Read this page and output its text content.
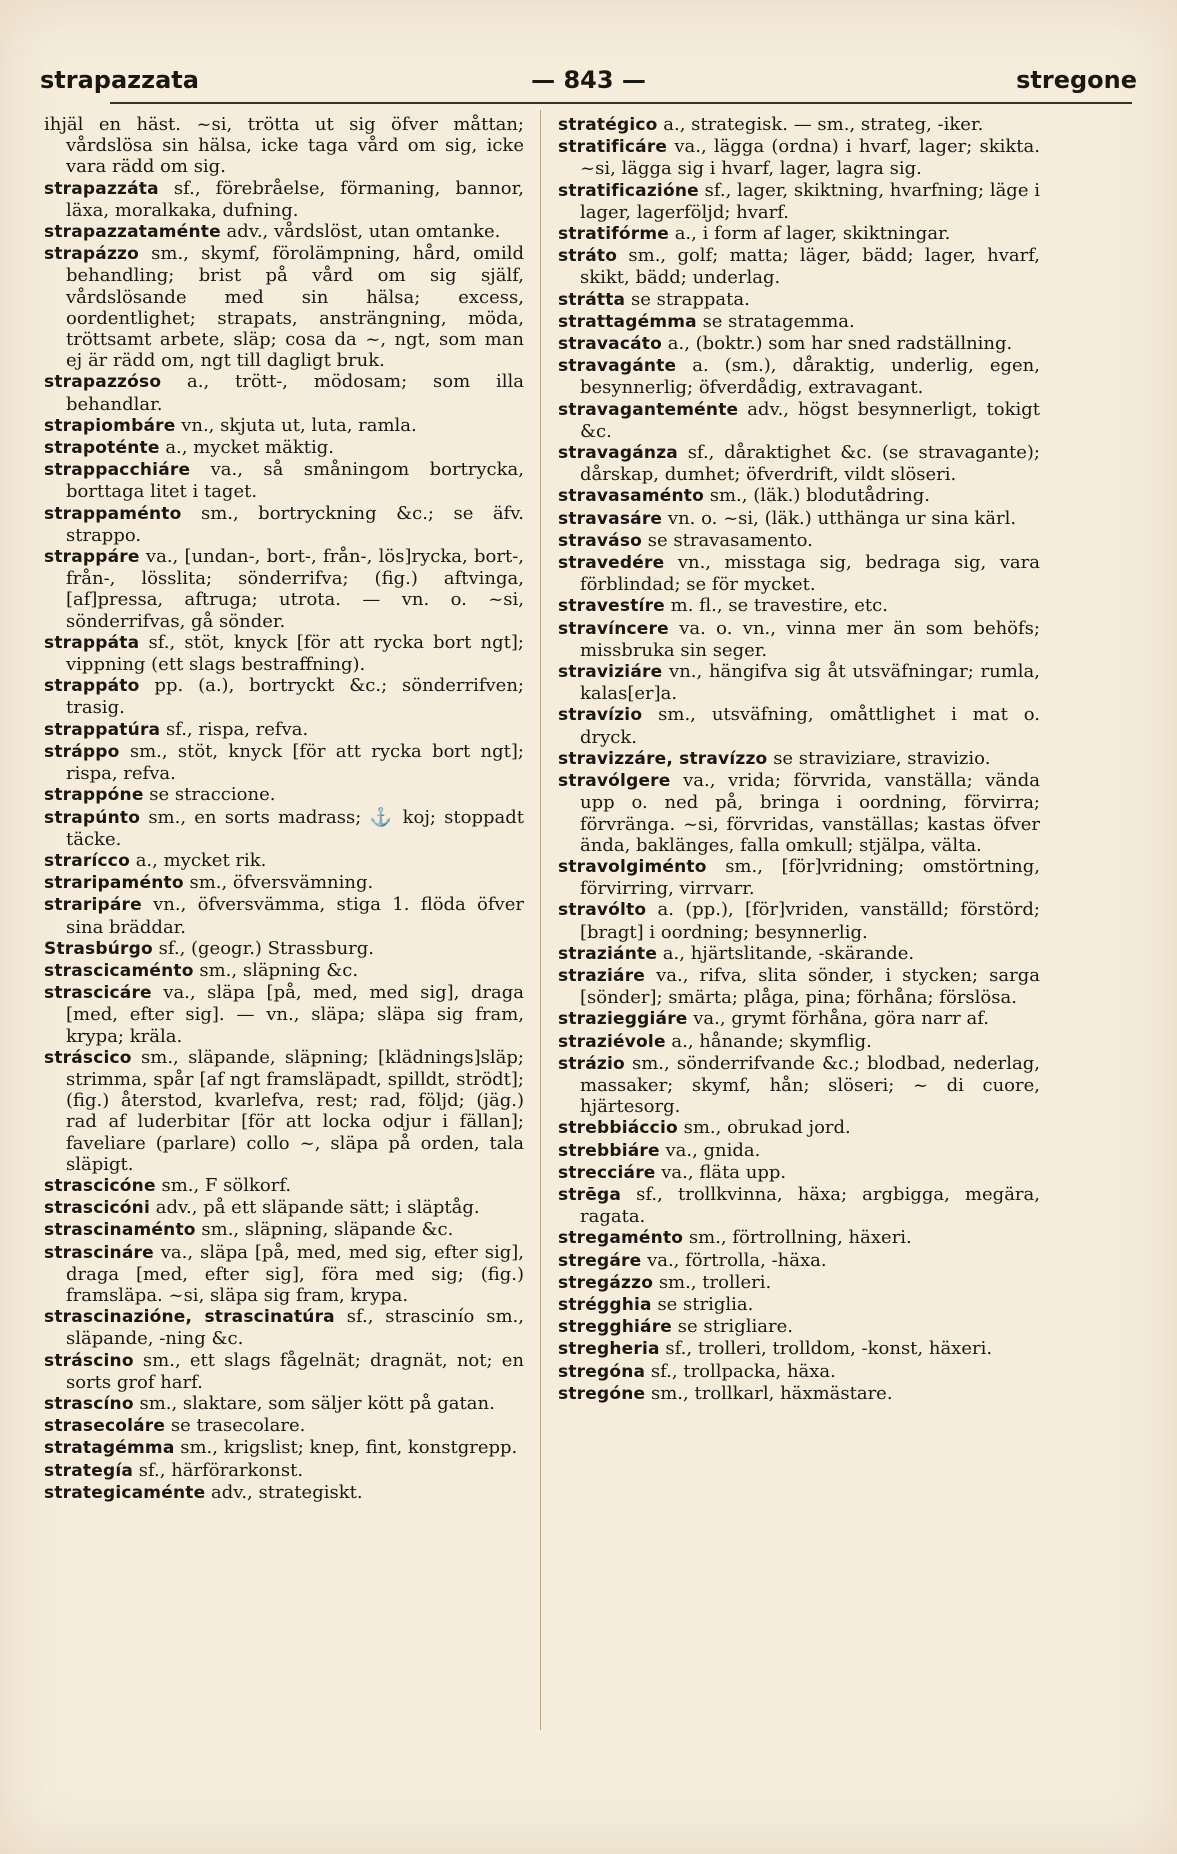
strapazzata	— 843 —	stregone

ihjäl en häst. ~si, trötta ut sig öfver måttan; vårdslösa sin hälsa, icke taga vård om sig, icke vara rädd om sig.

strapazzáta sf., förebråelse, förmaning, bannor, läxa, moralkaka, dufning.

strapazzataménte adv., vårdslöst, utan omtanke.

strapázzo sm., skymf, förolämpning, hård, omild behandling; brist på vård om sig själf, vårdslösande med sin hälsa; excess, oordentlighet; strapats, ansträngning, möda, tröttsamt arbete, släp; cosa da ~, ngt, som man ej är rädd om, ngt till dagligt bruk.

strapazzóso a., trött-, mödosam; som illa behandlar.

strapiombáre vn., skjuta ut, luta, ramla.

strapoténte a., mycket mäktig.

strappacchiáre va., så småningom bortrycka, borttaga litet i taget.

strappaménto sm., bortryckning &c.; se äfv. strappo.

strappáre va., [undan-, bort-, från-, lös]rycka, bort-, från-, lösslita; sönderrifva; (fig.) aftvinga, [af]pressa, aftruga; utrota. — vn. o. ~si, sönderrifvas, gå sönder.

strappáta sf., stöt, knyck [för att rycka bort ngt]; vippning (ett slags bestraffning).

strappáto pp. (a.), bortryckt &c.; sönderrifven; trasig.

strappatúra sf., rispa, refva.

stráppo sm., stöt, knyck [för att rycka bort ngt]; rispa, refva.

strappóne se straccione.

strapúnto sm., en sorts madrass; ⚓ koj; stoppadt täcke.

strarícco a., mycket rik.

straripaménto sm., öfversvämning.

straripáre vn., öfversvämma, stiga 1. flöda öfver sina bräddar.

Strasbúrgo sf., (geogr.) Strassburg.

strascicaménto sm., släpning &c.

strascicáre va., släpa [på, med, med sig], draga [med, efter sig]. — vn., släpa; släpa sig fram, krypa; kräla.

stráscico sm., släpande, släpning; [klädnings]släp; strimma, spår [af ngt framsläpadt, spilldt, strödt]; (fig.) återstod, kvarlefva, rest; rad, följd; (jäg.) rad af luderbitar [för att locka odjur i fällan]; faveliare (parlare) collo ~, släpa på orden, tala släpigt.

strascicóne sm., F sölkorf.

strascicóni adv., på ett släpande sätt; i släptåg.

strascinaménto sm., släpning, släpande &c.

strascináre va., släpa [på, med, med sig, efter sig], draga [med, efter sig], föra med sig; (fig.) framsläpa. ~si, släpa sig fram, krypa.

strascinazióne, strascinatúra sf., strascinío sm., släpande, -ning &c.

stráscino sm., ett slags fågelnät; dragnät, not; en sorts grof harf.

strascíno sm., slaktare, som säljer kött på gatan.

strasecoláre se trasecolare.

stratagémma sm., krigslist; knep, fint, konstgrepp.

strategía sf., härförarkonst.

strategicaménte adv., strategiskt.

stratégico a., strategisk. — sm., strateg, -iker.

stratificáre va., lägga (ordna) i hvarf, lager; skikta. ~si, lägga sig i hvarf, lager, lagra sig.

stratificazióne sf., lager, skiktning, hvarfning; läge i lager, lagerföljd; hvarf.

stratifórme a., i form af lager, skiktningar.

stráto sm., golf; matta; läger, bädd; lager, hvarf, skikt, bädd; underlag.

strátta se strappata.

strattagémma se stratagemma.

stravacáto a., (boktr.) som har sned radställning.

stravagánte a. (sm.), dåraktig, underlig, egen, besynnerlig; öfverdådig, extravagant.

stravaganteménte adv., högst besynnerligt, tokigt &c.

stravagánza sf., dåraktighet &c. (se stravagante); dårskap, dumhet; öfverdrift, vildt slöseri.

stravasaménto sm., (läk.) blodutådring.

stravasáre vn. o. ~si, (läk.) utthänga ur sina kärl.

straváso se stravasamento.

stravedére vn., misstaga sig, bedraga sig, vara förblindad; se för mycket.

stravestíre m. fl., se travestire, etc.

stravíncere va. o. vn., vinna mer än som behöfs; missbruka sin seger.

straviziáre vn., hängifva sig åt utsväfningar; rumla, kalas[er]a.

stravízio sm., utsväfning, omåttlighet i mat o. dryck.

stravizzáre, stravízzo se straviziare, stravizio.

stravólgere va., vrida; förvrida, vanställa; vända upp o. ned på, bringa i oordning, förvirra; förvränga. ~si, förvridas, vanställas; kastas öfver ända, baklänges, falla omkull; stjälpa, välta.

stravolgiménto sm., [för]vridning; omstörtning, förvirring, virrvarr.

stravólto a. (pp.), [för]vriden, vanställd; förstörd; [bragt] i oordning; besynnerlig.

straziánte a., hjärtslitande, -skärande.

straziáre va., rifva, slita sönder, i stycken; sarga [sönder]; smärta; plåga, pina; förhåna; förslösa.

strazieggiáre va., grymt förhåna, göra narr af.

straziévole a., hånande; skymflig.

strázio sm., sönderrifvande &c.; blodbad, nederlag, massaker; skymf, hån; slöseri; ~ di cuore, hjärtesorg.

strebbiáccio sm., obrukad jord.

strebbiáre va., gnida.

strecciáre va., fläta upp.

strēga sf., trollkvinna, häxa; argbigga, megära, ragata.

stregaménto sm., förtrollning, häxeri.

stregáre va., förtrolla, -häxa.

stregázzo sm., trolleri.

strégghia se striglia.

stregghiáre se strigliare.

stregheria sf., trolleri, trolldom, -konst, häxeri.

stregóna sf., trollpacka, häxa.

stregóne sm., trollkarl, häxmästare.
